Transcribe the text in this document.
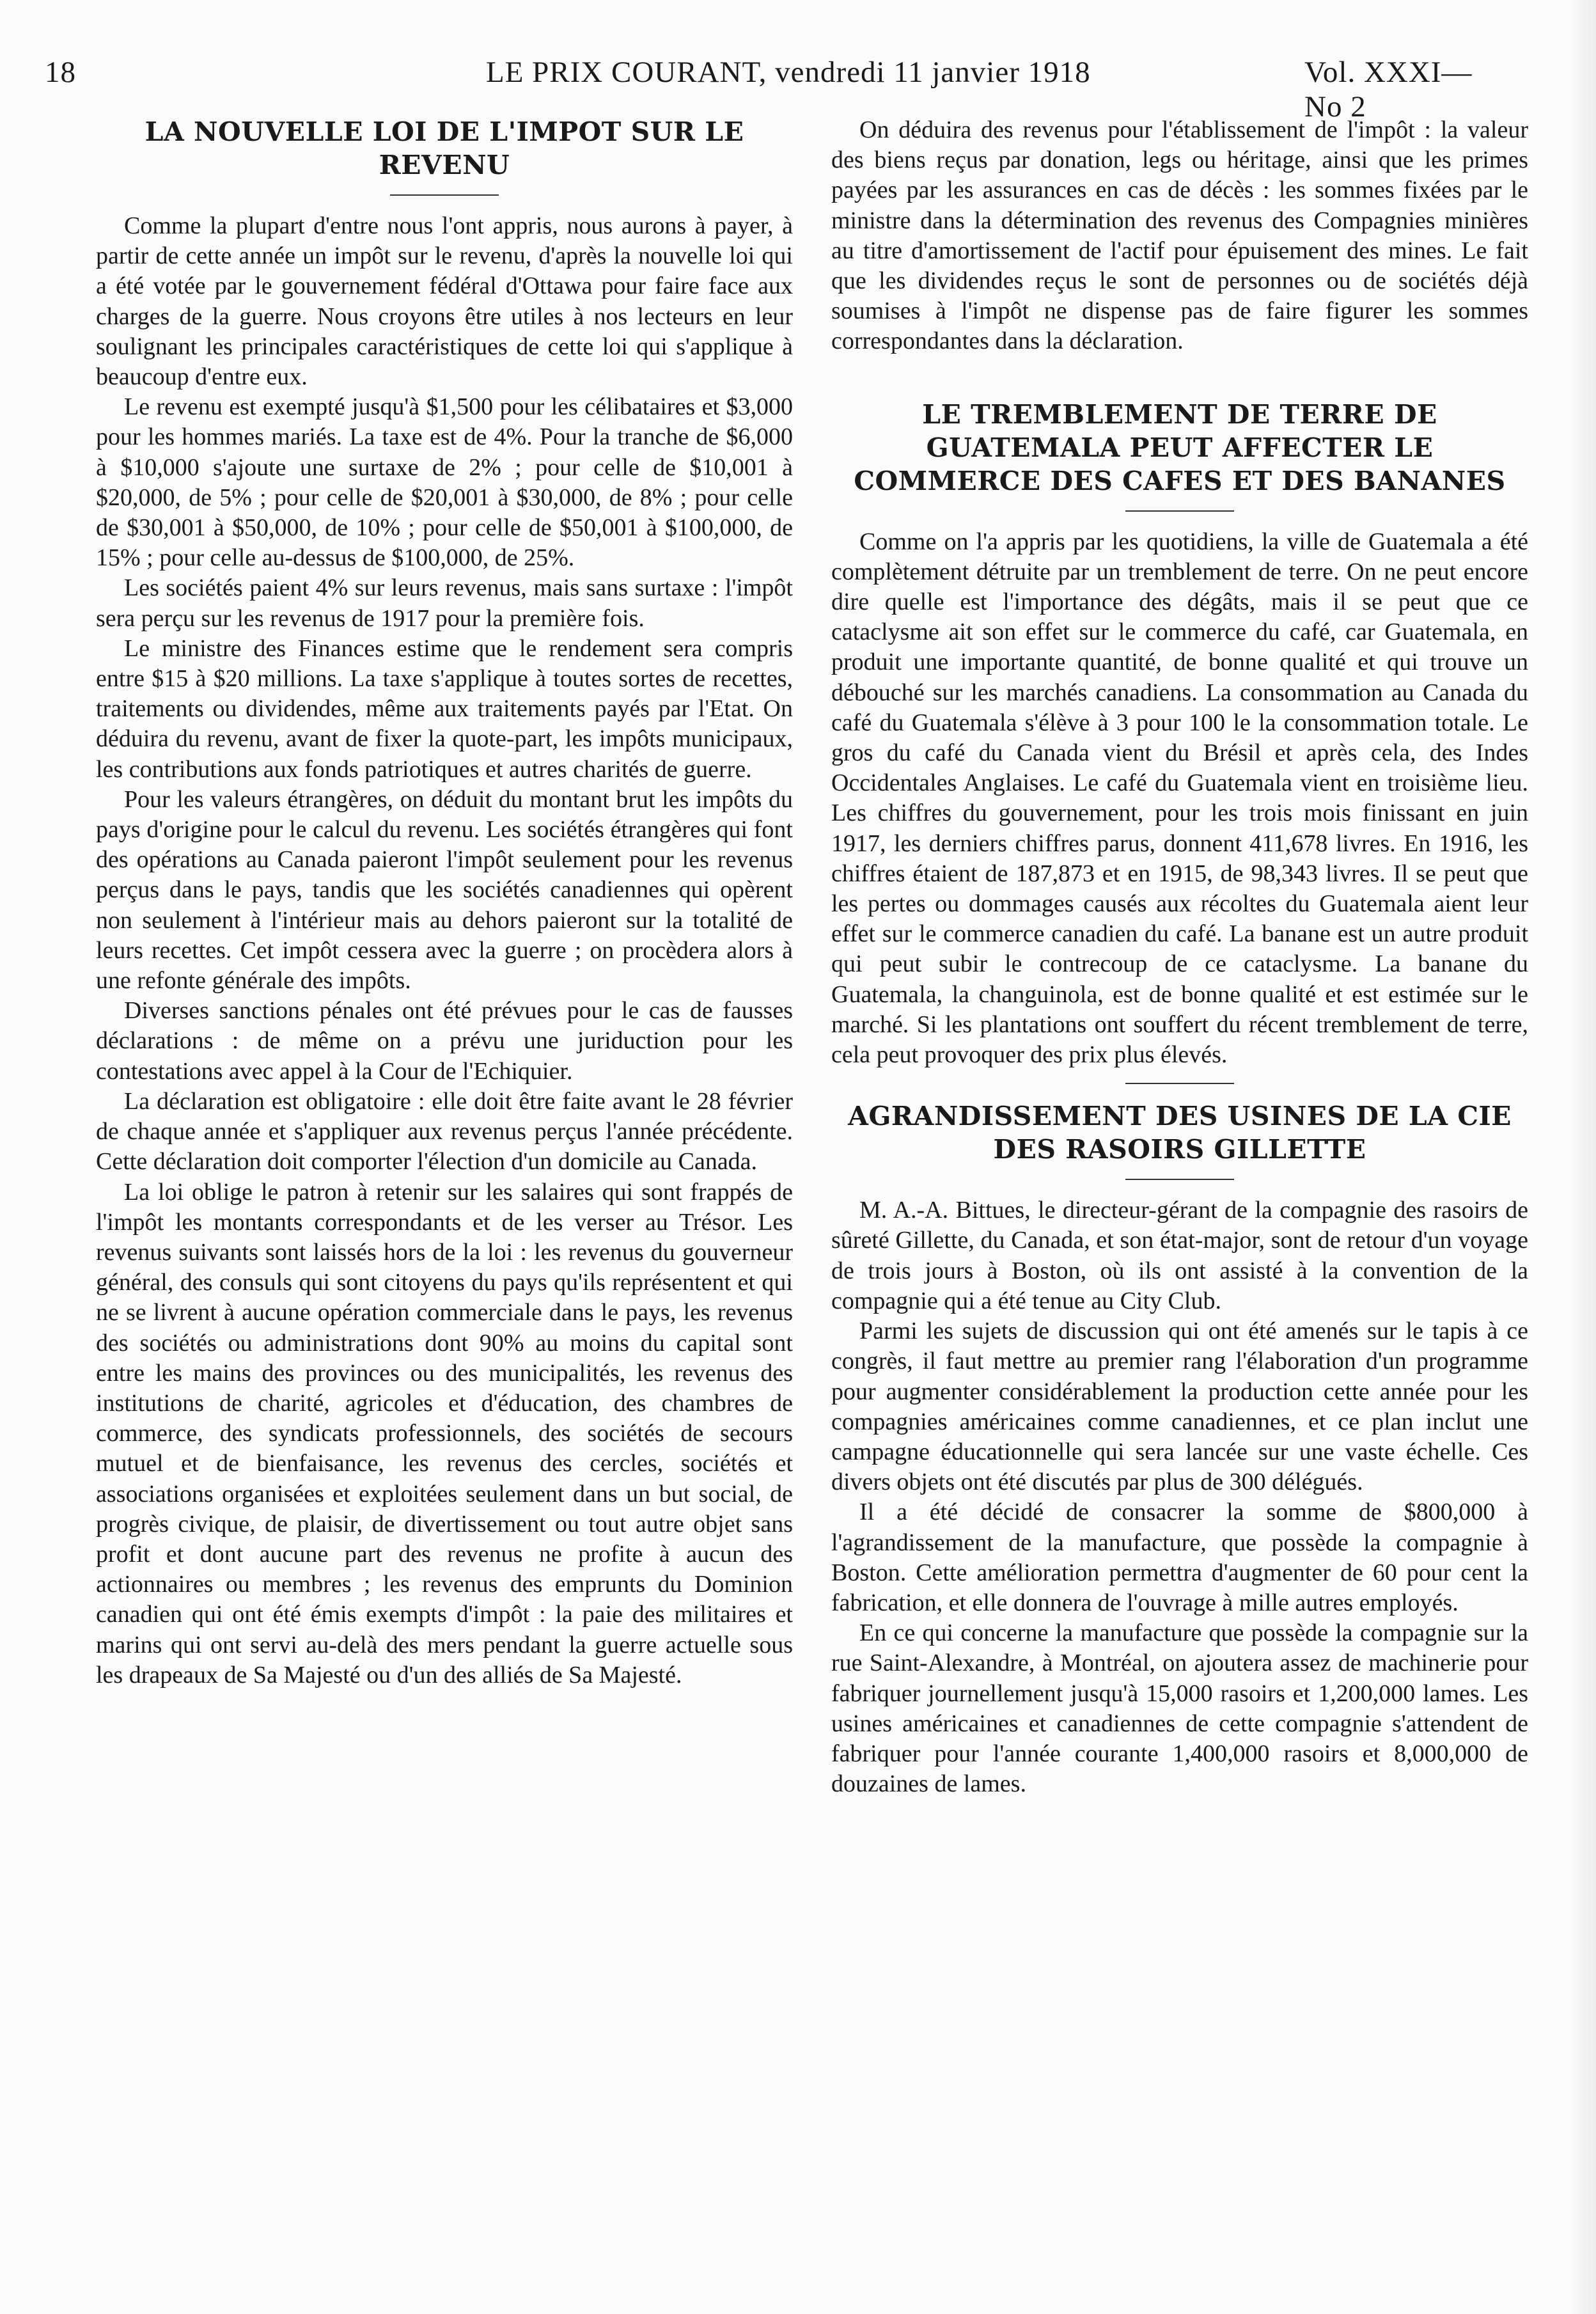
18	LE PRIX COURANT, vendredi 11 janvier 1918	Vol. XXXI—No 2
LA NOUVELLE LOI DE L'IMPOT SUR LE REVENU

Comme la plupart d'entre nous l'ont appris, nous aurons à payer, à partir de cette année un impôt sur le revenu, d'après la nouvelle loi qui a été votée par le gouvernement fédéral d'Ottawa pour faire face aux charges de la guerre. Nous croyons être utiles à nos lecteurs en leur soulignant les principales caractéristiques de cette loi qui s'applique à beaucoup d'entre eux.

Le revenu est exempté jusqu'à $1,500 pour les célibataires et $3,000 pour les hommes mariés. La taxe est de 4%. Pour la tranche de $6,000 à $10,000 s'ajoute une surtaxe de 2% ; pour celle de $10,001 à $20,000, de 5% ; pour celle de $20,001 à $30,000, de 8% ; pour celle de $30,001 à $50,000, de 10% ; pour celle de $50,001 à $100,000, de 15% ; pour celle au-dessus de $100,000, de 25%.

Les sociétés paient 4% sur leurs revenus, mais sans surtaxe : l'impôt sera perçu sur les revenus de 1917 pour la première fois.

Le ministre des Finances estime que le rendement sera compris entre $15 à $20 millions. La taxe s'applique à toutes sortes de recettes, traitements ou dividendes, même aux traitements payés par l'Etat. On déduira du revenu, avant de fixer la quote-part, les impôts municipaux, les contributions aux fonds patriotiques et autres charités de guerre.

Pour les valeurs étrangères, on déduit du montant brut les impôts du pays d'origine pour le calcul du revenu. Les sociétés étrangères qui font des opérations au Canada paieront l'impôt seulement pour les revenus perçus dans le pays, tandis que les sociétés canadiennes qui opèrent non seulement à l'intérieur mais au dehors paieront sur la totalité de leurs recettes. Cet impôt cessera avec la guerre ; on procèdera alors à une refonte générale des impôts.

Diverses sanctions pénales ont été prévues pour le cas de fausses déclarations : de même on a prévu une juriduction pour les contestations avec appel à la Cour de l'Echiquier.

La déclaration est obligatoire : elle doit être faite avant le 28 février de chaque année et s'appliquer aux revenus perçus l'année précédente. Cette déclaration doit comporter l'élection d'un domicile au Canada.

La loi oblige le patron à retenir sur les salaires qui sont frappés de l'impôt les montants correspondants et de les verser au Trésor. Les revenus suivants sont laissés hors de la loi : les revenus du gouverneur général, des consuls qui sont citoyens du pays qu'ils représentent et qui ne se livrent à aucune opération commerciale dans le pays, les revenus des sociétés ou administrations dont 90% au moins du capital sont entre les mains des provinces ou des municipalités, les revenus des institutions de charité, agricoles et d'éducation, des chambres de commerce, des syndicats professionnels, des sociétés de secours mutuel et de bienfaisance, les revenus des cercles, sociétés et associations organisées et exploitées seulement dans un but social, de progrès civique, de plaisir, de divertissement ou tout autre objet sans profit et dont aucune part des revenus ne profite à aucun des actionnaires ou membres ; les revenus des emprunts du Dominion canadien qui ont été émis exempts d'impôt : la paie des militaires et marins qui ont servi au-delà des mers pendant la guerre actuelle sous les drapeaux de Sa Majesté ou d'un des alliés de Sa Majesté.

On déduira des revenus pour l'établissement de l'impôt : la valeur des biens reçus par donation, legs ou héritage, ainsi que les primes payées par les assurances en cas de décès : les sommes fixées par le ministre dans la détermination des revenus des Compagnies minières au titre d'amortissement de l'actif pour épuisement des mines. Le fait que les dividendes reçus le sont de personnes ou de sociétés déjà soumises à l'impôt ne dispense pas de faire figurer les sommes correspondantes dans la déclaration.

LE TREMBLEMENT DE TERRE DE GUATEMALA PEUT AFFECTER LE COMMERCE DES CAFES ET DES BANANES

Comme on l'a appris par les quotidiens, la ville de Guatemala a été complètement détruite par un tremblement de terre. On ne peut encore dire quelle est l'importance des dégâts, mais il se peut que ce cataclysme ait son effet sur le commerce du café, car Guatemala, en produit une importante quantité, de bonne qualité et qui trouve un débouché sur les marchés canadiens. La consommation au Canada du café du Guatemala s'élève à 3 pour 100 le la consommation totale. Le gros du café du Canada vient du Brésil et après cela, des Indes Occidentales Anglaises. Le café du Guatemala vient en troisième lieu. Les chiffres du gouvernement, pour les trois mois finissant en juin 1917, les derniers chiffres parus, donnent 411,678 livres. En 1916, les chiffres étaient de 187,873 et en 1915, de 98,343 livres. Il se peut que les pertes ou dommages causés aux récoltes du Guatemala aient leur effet sur le commerce canadien du café. La banane est un autre produit qui peut subir le contrecoup de ce cataclysme. La banane du Guatemala, la changuinola, est de bonne qualité et est estimée sur le marché. Si les plantations ont souffert du récent tremblement de terre, cela peut provoquer des prix plus élevés.

AGRANDISSEMENT DES USINES DE LA CIE DES RASOIRS GILLETTE

M. A.-A. Bittues, le directeur-gérant de la compagnie des rasoirs de sûreté Gillette, du Canada, et son état-major, sont de retour d'un voyage de trois jours à Boston, où ils ont assisté à la convention de la compagnie qui a été tenue au City Club.

Parmi les sujets de discussion qui ont été amenés sur le tapis à ce congrès, il faut mettre au premier rang l'élaboration d'un programme pour augmenter considérablement la production cette année pour les compagnies américaines comme canadiennes, et ce plan inclut une campagne éducationnelle qui sera lancée sur une vaste échelle. Ces divers objets ont été discutés par plus de 300 délégués.

Il a été décidé de consacrer la somme de $800,000 à l'agrandissement de la manufacture, que possède la compagnie à Boston. Cette amélioration permettra d'augmenter de 60 pour cent la fabrication, et elle donnera de l'ouvrage à mille autres employés.

En ce qui concerne la manufacture que possède la compagnie sur la rue Saint-Alexandre, à Montréal, on ajoutera assez de machinerie pour fabriquer journellement jusqu'à 15,000 rasoirs et 1,200,000 lames. Les usines américaines et canadiennes de cette compagnie s'attendent de fabriquer pour l'année courante 1,400,000 rasoirs et 8,000,000 de douzaines de lames.
